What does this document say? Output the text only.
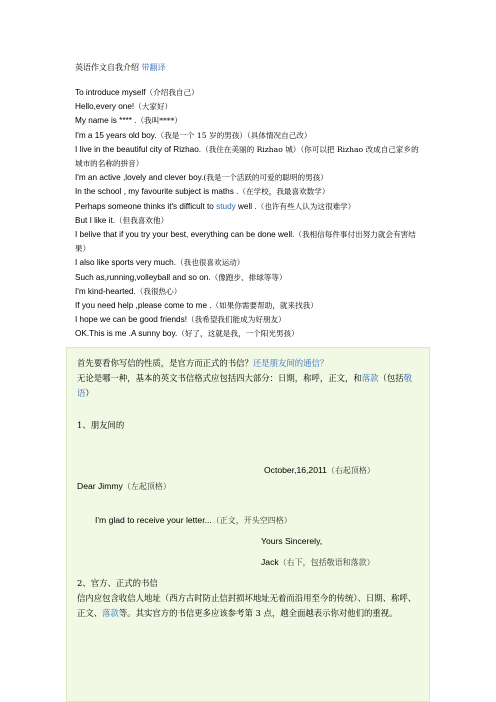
英语作文自我介绍 带翻译
To introduce myself（介绍我自己）
Hello,every one!（大家好）
My name is **** .（我叫****）
I'm a 15 years old boy.（我是一个 15 岁的男孩）（具体情况自己改）
I live in the beautiful city of Rizhao.（我住在美丽的 Rizhao 城）（你可以把 Rizhao 改成自己家乡的城市的名称的拼音）
I'm an active ,lovely and clever boy.(我是一个活跃的可爱的聪明的男孩）
In the school , my favourite subject is maths .（在学校，我最喜欢数学）
Perhaps someone thinks it's difficult to study well .（也许有些人认为这很难学）
But I like it.（但我喜欢他）
I belive that if you try your best, everything can be done well.（我相信每件事付出努力就会有害结果）
I also like sports very much.（我也很喜欢运动）
Such as,running,volleyball and so on.（像跑步、排球等等）
I'm kind-hearted.（我很热心）
If you need help ,please come to me .（如果你需要帮助，就来找我）
I hope we can be good friends!（我希望我们能成为好朋友）
OK.This is me .A sunny boy.（好了，这就是我，一个阳光男孩）
首先要看你写信的性质，是官方而正式的书信？还是朋友间的通信？
无论是哪一种，基本的英文书信格式应包括四大部分：日期，称呼，正文，和落款（包括敬语）
1、朋友间的
October,16,2011（右起顶格）
Dear Jimmy（左起顶格）
I'm glad to receive your letter...（正文，开头空四格）
Yours Sincerely,
Jack（右下，包括敬语和落款）
2、官方、正式的书信
信内应包含收信人地址（西方古时防止信封损坏地址无着而沿用至今的传统）、日期、称呼、正文、落款等。其实官方的书信更多应该参考第 3 点，越全面越表示你对他们的重视。
